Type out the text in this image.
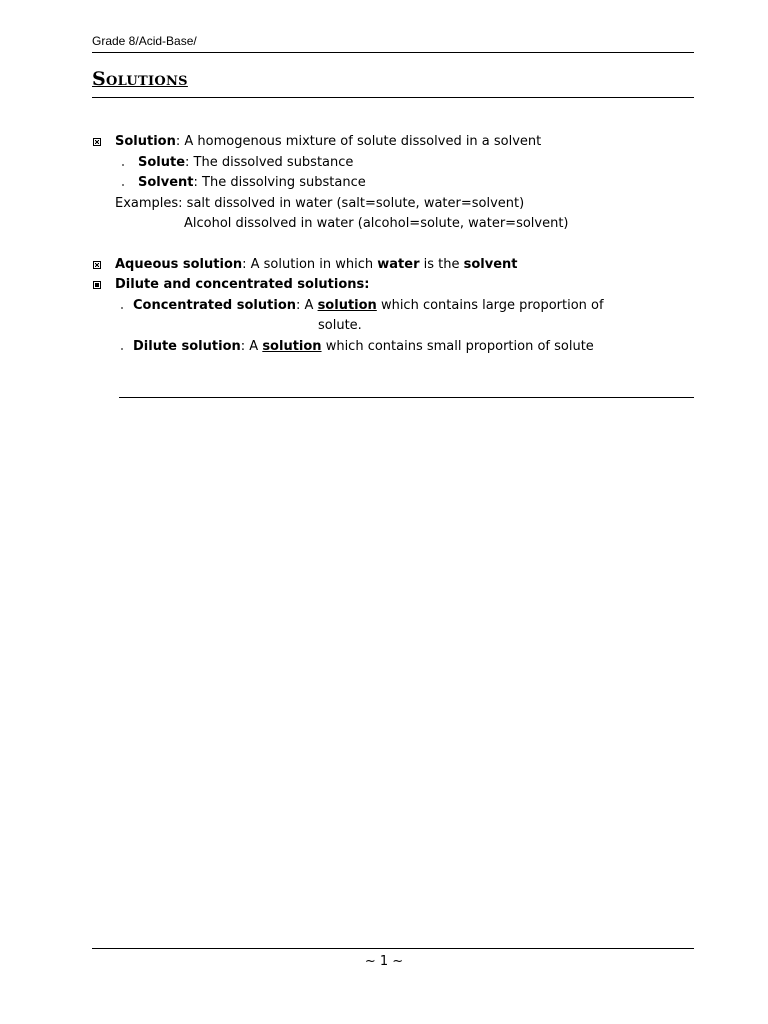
Grade 8/Acid-Base/
Solutions
Solution: A homogenous mixture of solute dissolved in a solvent
Solute: The dissolved substance
Solvent: The dissolving substance
Examples: salt dissolved in water (salt=solute, water=solvent)
Alcohol dissolved in water (alcohol=solute, water=solvent)
Aqueous solution: A solution in which water is the solvent
Dilute and concentrated solutions:
Concentrated solution: A solution which contains large proportion of
solute.
Dilute solution: A solution which contains small proportion of solute
~ 1 ~
